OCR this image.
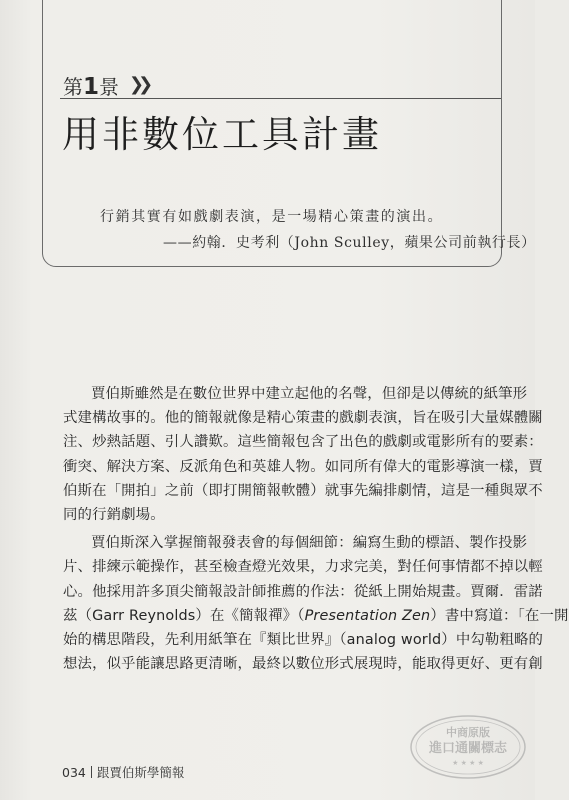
第1景 ❯❯
用非數位工具計畫
行銷其實有如戲劇表演，是一場精心策畫的演出。
——約翰．史考利（John Sculley，蘋果公司前執行長）
賈伯斯雖然是在數位世界中建立起他的名聲，但卻是以傳統的紙筆形
式建構故事的。他的簡報就像是精心策畫的戲劇表演，旨在吸引大量媒體關
注、炒熱話題、引人讚歎。這些簡報包含了出色的戲劇或電影所有的要素：
衝突、解決方案、反派角色和英雄人物。如同所有偉大的電影導演一樣，賈
伯斯在「開拍」之前（即打開簡報軟體）就事先編排劇情，這是一種與眾不
同的行銷劇場。
賈伯斯深入掌握簡報發表會的每個細節：編寫生動的標語、製作投影
片、排練示範操作，甚至檢查燈光效果，力求完美，對任何事情都不掉以輕
心。他採用許多頂尖簡報設計師推薦的作法：從紙上開始規畫。賈爾．雷諾
茲（Garr Reynolds）在《簡報禪》（Presentation Zen）書中寫道：「在一開
始的構思階段，先利用紙筆在『類比世界』（analog world）中勾勒粗略的
想法，似乎能讓思路更清晰，最終以數位形式展現時，能取得更好、更有創
034 跟賈伯斯學簡報
中商原版
進口通關標志
★ ★ ★ ★
